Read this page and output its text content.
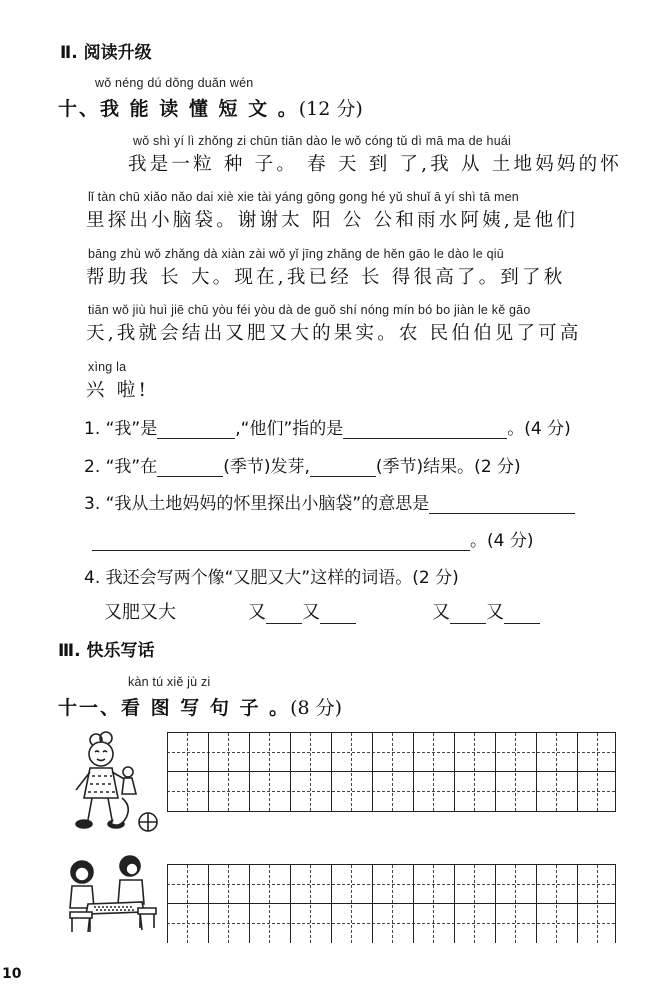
Ⅱ. 阅读升级
wǒ néng dú dǒng duǎn wén
十、我 能 读 懂 短 文 。(12 分)
wǒ shì yí lì zhǒng zi chūn tiān dào le wǒ cóng tǔ dì mā ma de huái
我是一粒 种 子。 春 天 到 了,我 从 土地妈妈的怀
lǐ tàn chū xiǎo nǎo dai xiè xie tài yáng gōng gong hé yǔ shuǐ ā yí shì tā men
里探出小脑袋。谢谢太 阳 公 公和雨水阿姨,是他们
bāng zhù wǒ zhǎng dà xiàn zài wǒ yǐ jīng zhǎng de hěn gāo le dào le qiū
帮助我 长 大。现在,我已经 长 得很高了。到了秋
tiān wǒ jiù huì jiē chū yòu féi yòu dà de guǒ shí nóng mín bó bo jiàn le kě gāo
天,我就会结出又肥又大的果实。农 民伯伯见了可高
xìng la
兴 啦!
1. “我”是	,“他们”指的是	。(4 分)
2. “我”在	(季节)发芽,	(季节)结果。(2 分)
3. “我从土地妈妈的怀里探出小脑袋”的意思是
。(4 分)
4. 我还会写两个像“又肥又大”这样的词语。(2 分)
又肥又大	又 又	又 又
Ⅲ. 快乐写话
kàn tú xiě jù zi
十一、看 图 写 句 子 。(8 分)
10
